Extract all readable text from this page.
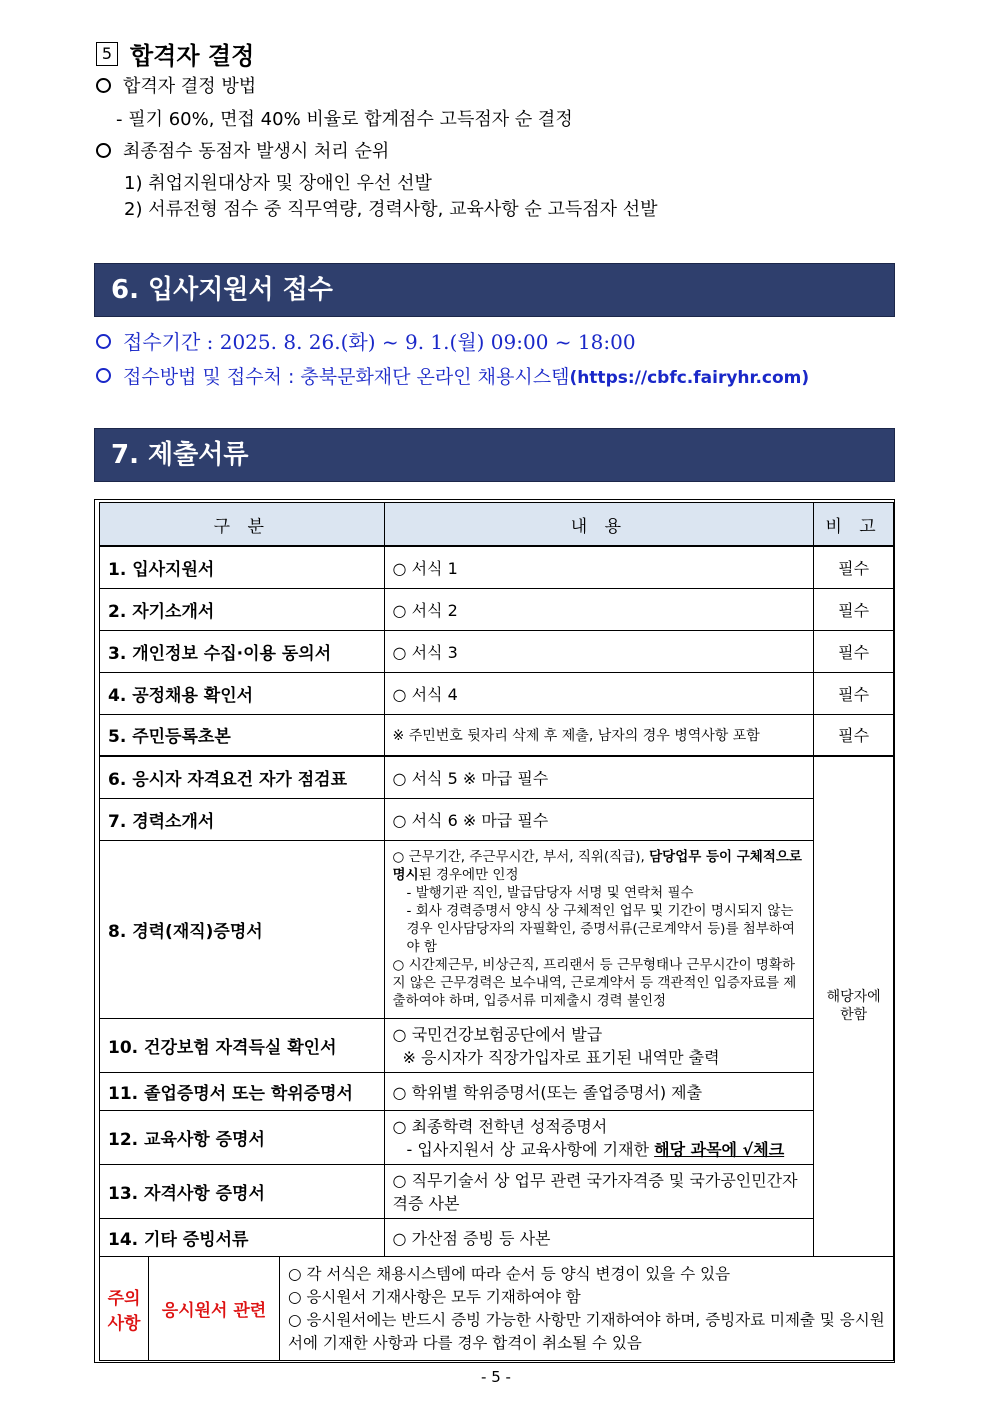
5 합격자 결정
합격자 결정 방법
- 필기 60%, 면접 40% 비율로 합계점수 고득점자 순 결정
최종점수 동점자 발생시 처리 순위
1) 취업지원대상자 및 장애인 우선 선발
2) 서류전형 점수 중 직무역량, 경력사항, 교육사항 순 고득점자 선발
6. 입사지원서 접수
접수기간 : 2025. 8. 26.(화) ~ 9. 1.(월) 09:00 ~ 18:00
접수방법 및 접수처 : 충북문화재단 온라인 채용시스템(https://cbfc.fairyhr.com)
7. 제출서류
구 분	내 용	비 고
1. 입사지원서	○ 서식 1	필수
2. 자기소개서	○ 서식 2	필수
3. 개인정보 수집·이용 동의서	○ 서식 3	필수
4. 공정채용 확인서	○ 서식 4	필수
5. 주민등록초본	※ 주민번호 뒷자리 삭제 후 제출, 남자의 경우 병역사항 포함	필수
6. 응시자 자격요건 자가 점검표	○ 서식 5 ※ 마급 필수	해당자에 한함
7. 경력소개서	○ 서식 6 ※ 마급 필수	
8. 경력(재직)증명서	○ 근무기간, 주근무시간, 부서, 직위(직급), 담당업무 등이 구체적으로 명시된 경우에만 인정
- 발행기관 직인, 발급담당자 서명 및 연락처 필수
- 회사 경력증명서 양식 상 구체적인 업무 및 기간이 명시되지 않는 경우 인사담당자의 자필확인, 증명서류(근로계약서 등)를 첨부하여야 함
○ 시간제근무, 비상근직, 프리랜서 등 근무형태나 근무시간이 명확하지 않은 근무경력은 보수내역, 근로계약서 등 객관적인 입증자료를 제출하여야 하며, 입증서류 미제출시 경력 불인정	

10. 건강보험 자격득실 확인서	○ 국민건강보험공단에서 발급
※ 응시자가 직장가입자로 표기된 내역만 출력	

11. 졸업증명서 또는 학위증명서	○ 학위별 학위증명서(또는 졸업증명서) 제출	
12. 교육사항 증명서	○ 최종학력 전학년 성적증명서
- 입사지원서 상 교육사항에 기재한 해당 과목에 √체크	

13. 자격사항 증명서	○ 직무기술서 상 업무 관련 국가자격증 및 국가공인민간자격증 사본	
14. 기타 증빙서류	○ 가산점 증빙 등 사본	
주의 사항	응시원서 관련	
○ 각 서식은 채용시스템에 따라 순서 등 양식 변경이 있을 수 있음
○ 응시원서 기재사항은 모두 기재하여야 함
○ 응시원서에는 반드시 증빙 가능한 사항만 기재하여야 하며, 증빙자료 미제출 및 응시원서에 기재한 사항과 다를 경우 합격이 취소될 수 있음
- 5 -
